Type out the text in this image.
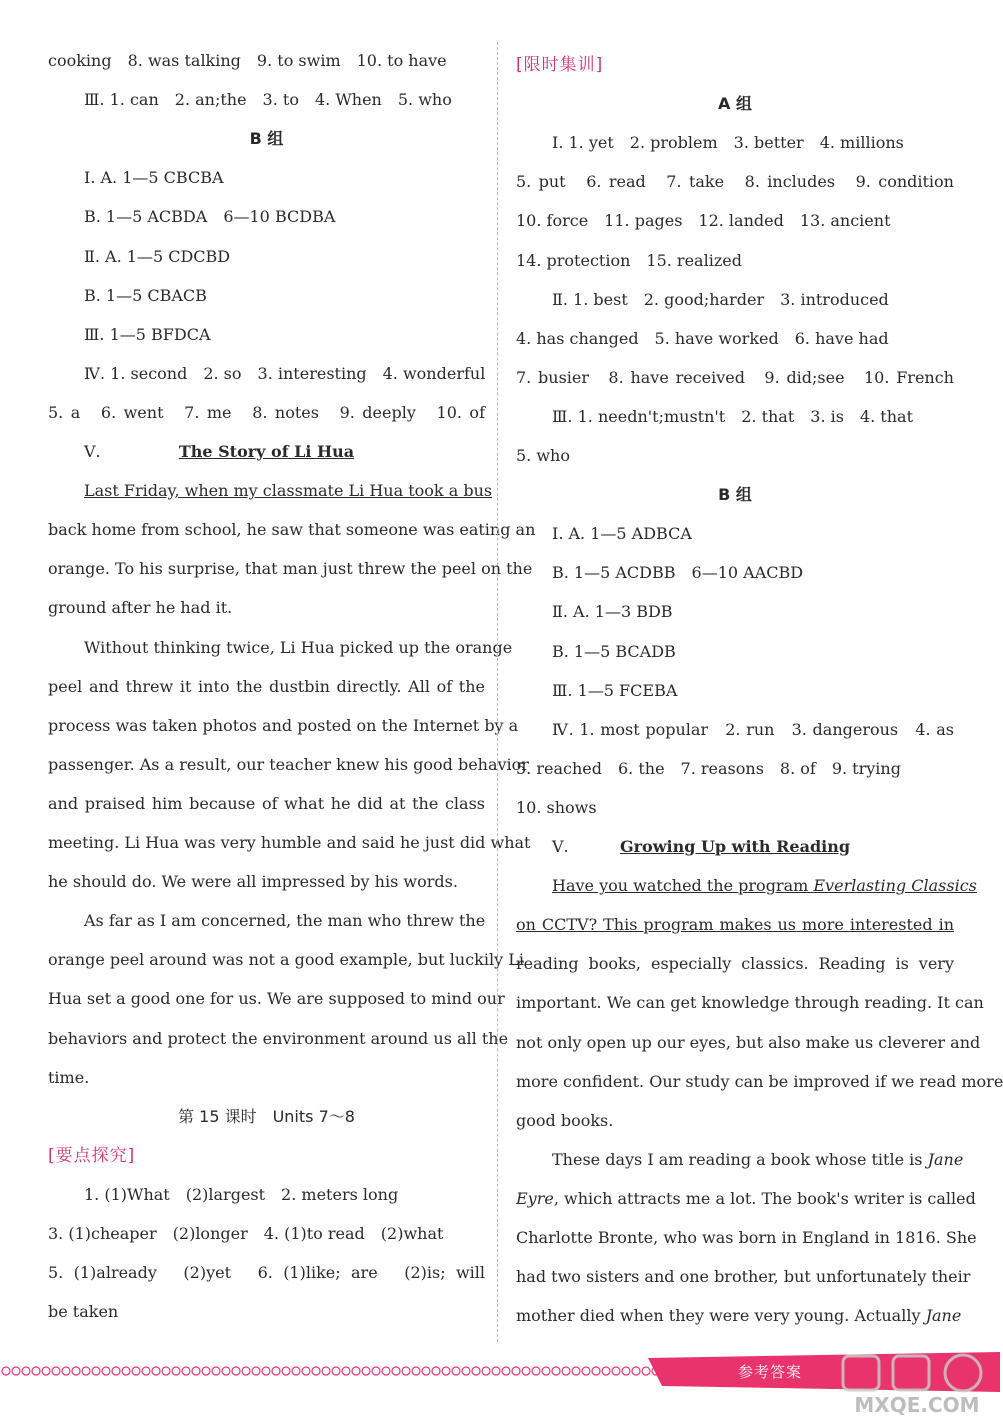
cooking　8. was talking　9. to swim　10. to have
Ⅲ. 1. can　2. an;the　3. to　4. When　5. who
B 组
Ⅰ. A. 1—5 CBCBA
B. 1—5 ACBDA　6—10 BCDBA
Ⅱ. A. 1—5 CDCBD
B. 1—5 CBACB
Ⅲ. 1—5 BFDCA
Ⅳ. 1. second　2. so　3. interesting　4. wonderful
5. a　6. went　7. me　8. notes　9. deeply　10. of
Ⅴ.
Last Friday, when my classmate Li Hua took a bus
back home from school, he saw that someone was eating an
orange. To his surprise, that man just threw the peel on the
ground after he had it.
Without thinking twice, Li Hua picked up the orange
peel and threw it into the dustbin directly. All of the
process was taken photos and posted on the Internet by a
passenger. As a result, our teacher knew his good behavior
and praised him because of what he did at the class
meeting. Li Hua was very humble and said he just did what
he should do. We were all impressed by his words.
As far as I am concerned, the man who threw the
orange peel around was not a good example, but luckily Li
Hua set a good one for us. We are supposed to mind our
behaviors and protect the environment around us all the
time.
第 15 课时　Units 7～8
[要点探究]
1. (1)What　(2)largest　2. meters long
3. (1)cheaper　(2)longer　4. (1)to read　(2)what
5. (1)already　(2)yet　6. (1)like; are　(2)is; will
be taken
The Story of Li Hua
[限时集训]
A 组
Ⅰ. 1. yet　2. problem　3. better　4. millions
5. put　6. read　7. take　8. includes　9. condition
10. force　11. pages　12. landed　13. ancient
14. protection　15. realized
Ⅱ. 1. best　2. good;harder　3. introduced
4. has changed　5. have worked　6. have had
7. busier　8. have received　9. did;see　10. French
Ⅲ. 1. needn't;mustn't　2. that　3. is　4. that
5. who
B 组
Ⅰ. A. 1—5 ADBCA
B. 1—5 ACDBB　6—10 AACBD
Ⅱ. A. 1—3 BDB
B. 1—5 BCADB
Ⅲ. 1—5 FCEBA
Ⅳ. 1. most popular　2. run　3. dangerous　4. as
5. reached　6. the　7. reasons　8. of　9. trying
10. shows
Ⅴ.
Have you watched the program Everlasting Classics
on CCTV? This program makes us more interested in
reading books, especially classics. Reading is very
important. We can get knowledge through reading. It can
not only open up our eyes, but also make us cleverer and
more confident. Our study can be improved if we read more
good books.
These days I am reading a book whose title is Jane
Eyre, which attracts me a lot. The book's writer is called
Charlotte Bronte, who was born in England in 1816. She
had two sisters and one brother, but unfortunately their
mother died when they were very young. Actually Jane
Growing Up with Reading
参考答案
MXQE.COM
